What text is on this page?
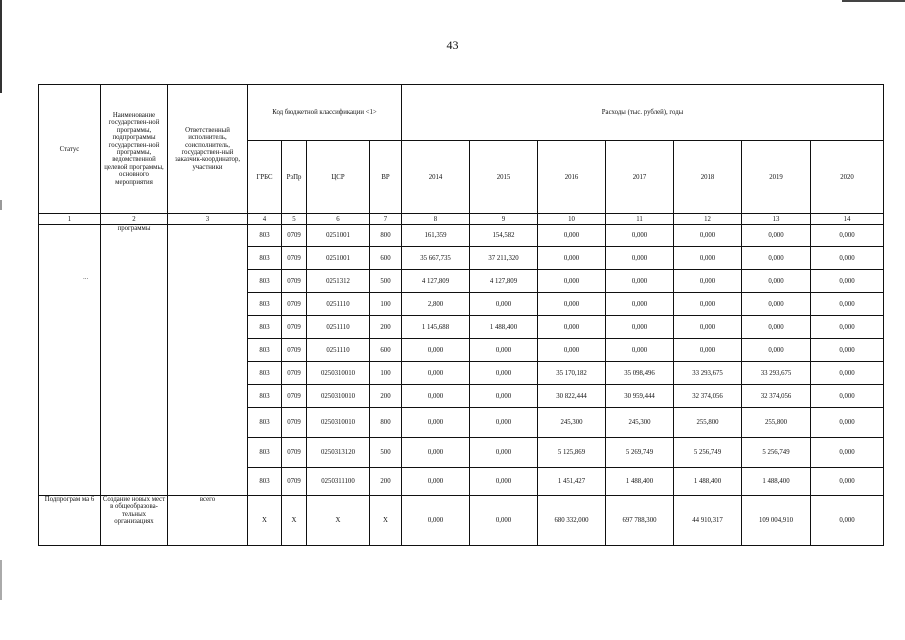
43
Статус	Наименование государствен-ной программы, подпрограммы государствен-ной программы, ведомственной целевой программы, основного мероприятия	Ответственный исполнитель, соисполнитель, государствен-ный заказчик-координатор, участники	Код бюджетной классификации <1>				Расходы (тыс. рублей), годы						
			ГРБС	РзПр	ЦСР	ВР	2014	2015	2016	2017	2018	2019	2020
1	2	3	4	5	6	7	8	9	10	11	12	13	14
	программы		803	0709	0251001	800	161,359	154,582	0,000	0,000	0,000	0,000	0,000
			803	0709	0251001	600	35 667,735	37 211,320	0,000	0,000	0,000	0,000	0,000
			803	0709	0251312	500	4 127,809	4 127,809	0,000	0,000	0,000	0,000	0,000
			803	0709	0251110	100	2,800	0,000	0,000	0,000	0,000	0,000	0,000
			803	0709	0251110	200	1 145,688	1 488,400	0,000	0,000	0,000	0,000	0,000
			803	0709	0251110	600	0,000	0,000	0,000	0,000	0,000	0,000	0,000
			803	0709	0250310010	100	0,000	0,000	35 170,182	35 098,496	33 293,675	33 293,675	0,000
			803	0709	0250310010	200	0,000	0,000	30 822,444	30 959,444	32 374,056	32 374,056	0,000
			803	0709	0250310010	800	0,000	0,000	245,300	245,300	255,800	255,800	0,000
			803	0709	0250313120	500	0,000	0,000	5 125,869	5 269,749	5 256,749	5 256,749	0,000
			803	0709	0250311100	200	0,000	0,000	1 451,427	1 488,400	1 488,400	1 488,400	0,000
Подпрограм ма 6	Создание новых мест в общеобразова-тельных организациях	всего	Х	Х	Х	Х	0,000	0,000	680 332,000	697 788,300	44 910,317	109 004,910	0,000
...
